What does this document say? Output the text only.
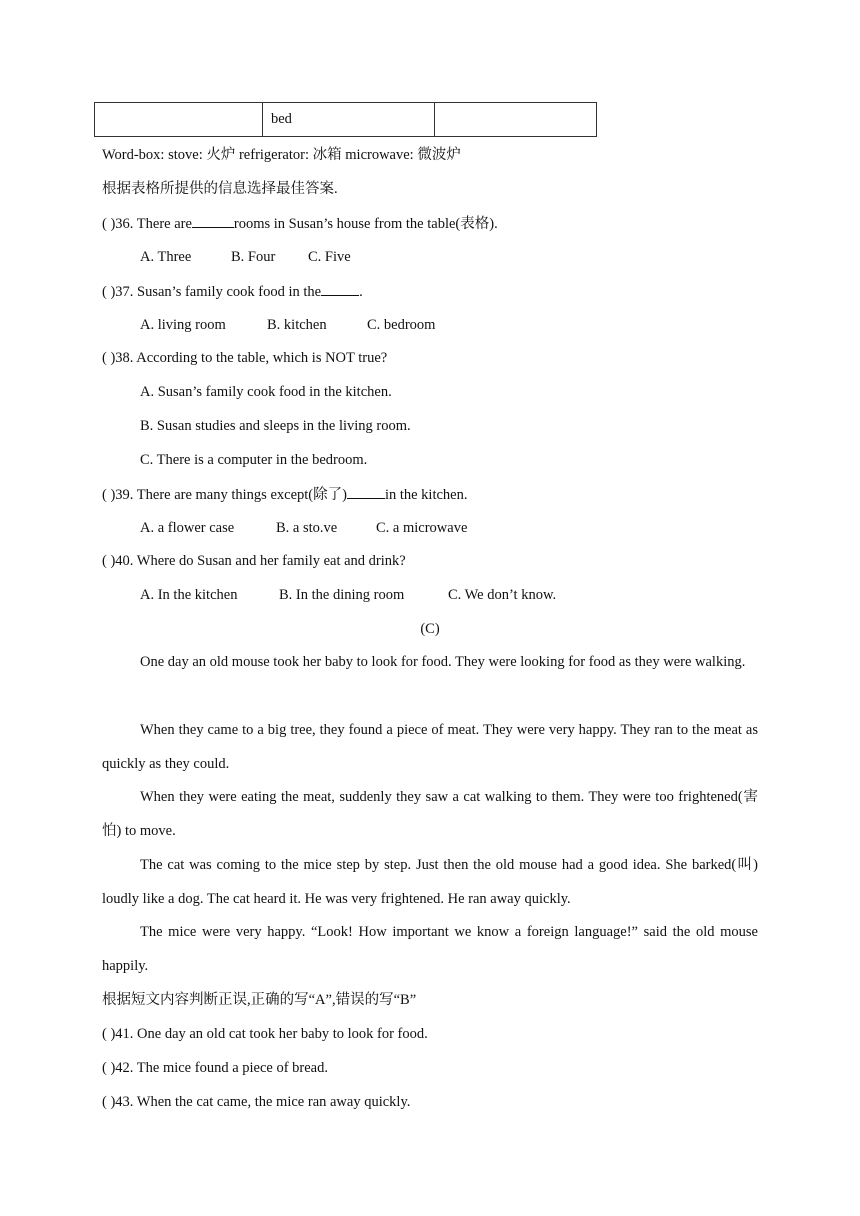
	bed	
Word-box: stove: 火炉 refrigerator: 冰箱 microwave: 微波炉
根据表格所提供的信息选择最佳答案.
( )36. There are	rooms in Susan’s house from the table(表格).
A. Three	B. Four C. Five
( )37. Susan’s family cook food in the	.
A. living room	B. kitchen	C. bedroom
( )38. According to the table, which is NOT true?
A. Susan’s family cook food in the kitchen.
B. Susan studies and sleeps in the living room.
C. There is a computer in the bedroom.
( )39. There are many things except(除了)	in the kitchen.
A. a flower case	B. a sto.ve	C. a microwave
( )40. Where do Susan and her family eat and drink?
A. In the kitchen	B. In the dining room	C. We don’t know.
(C)
One day an old mouse took her baby to look for food. They were looking for food as they were walking.
When they came to a big tree, they found a piece of meat. They were very happy. They ran to the meat as quickly as they could.
When they were eating the meat, suddenly they saw a cat walking to them. They were too frightened(害怕) to move.
The cat was coming to the mice step by step. Just then the old mouse had a good idea. She barked(叫) loudly like a dog. The cat heard it. He was very frightened. He ran away quickly.
The mice were very happy. “Look! How important we know a foreign language!” said the old mouse happily.
根据短文内容判断正误,正确的写“A”,错误的写“B”
( )41. One day an old cat took her baby to look for food.
( )42. The mice found a piece of bread.
( )43. When the cat came, the mice ran away quickly.
